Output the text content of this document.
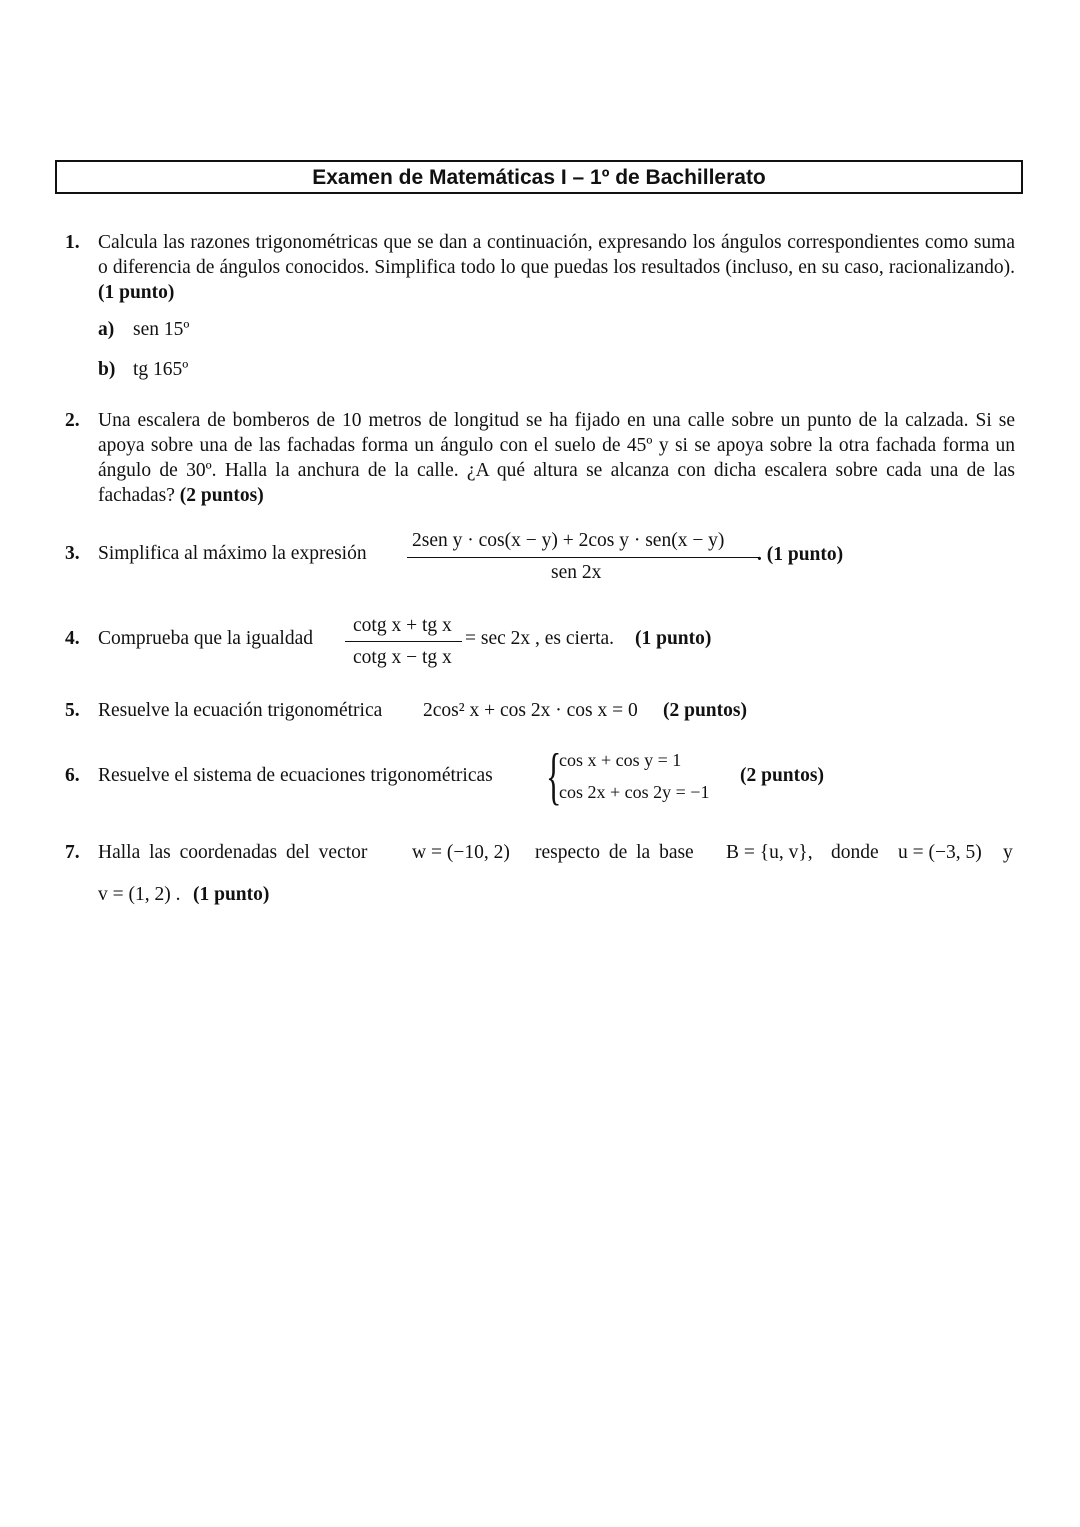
Examen de Matemáticas I – 1º de Bachillerato
1. Calcula las razones trigonométricas que se dan a continuación, expresando los ángulos correspondientes como suma o diferencia de ángulos conocidos. Simplifica todo lo que puedas los resultados (incluso, en su caso, racionalizando). (1 punto)
a) sen 15º
b) tg 165º
2. Una escalera de bomberos de 10 metros de longitud se ha fijado en una calle sobre un punto de la calzada. Si se apoya sobre una de las fachadas forma un ángulo con el suelo de 45º y si se apoya sobre la otra fachada forma un ángulo de 30º. Halla la anchura de la calle. ¿A qué altura se alcanza con dicha escalera sobre cada una de las fachadas? (2 puntos)
3. Simplifica al máximo la expresión
2sen y · cos(x − y) + 2cos y · sen(x − y)
sen 2x
. (1 punto)
4. Comprueba que la igualdad
cotg x + tg x
cotg x − tg x
= sec 2x , es cierta. (1 punto)
5. Resuelve la ecuación trigonométrica 2cos² x + cos 2x · cos x = 0 (2 puntos)
6. Resuelve el sistema de ecuaciones trigonométricas {
cos x + cos y = 1
cos 2x + cos 2y = −1
(2 puntos)
7. Halla las coordenadas del vector w = (−10, 2) respecto de la base B = {u, v}, donde u = (−3, 5) y
v = (1, 2) . (1 punto)
